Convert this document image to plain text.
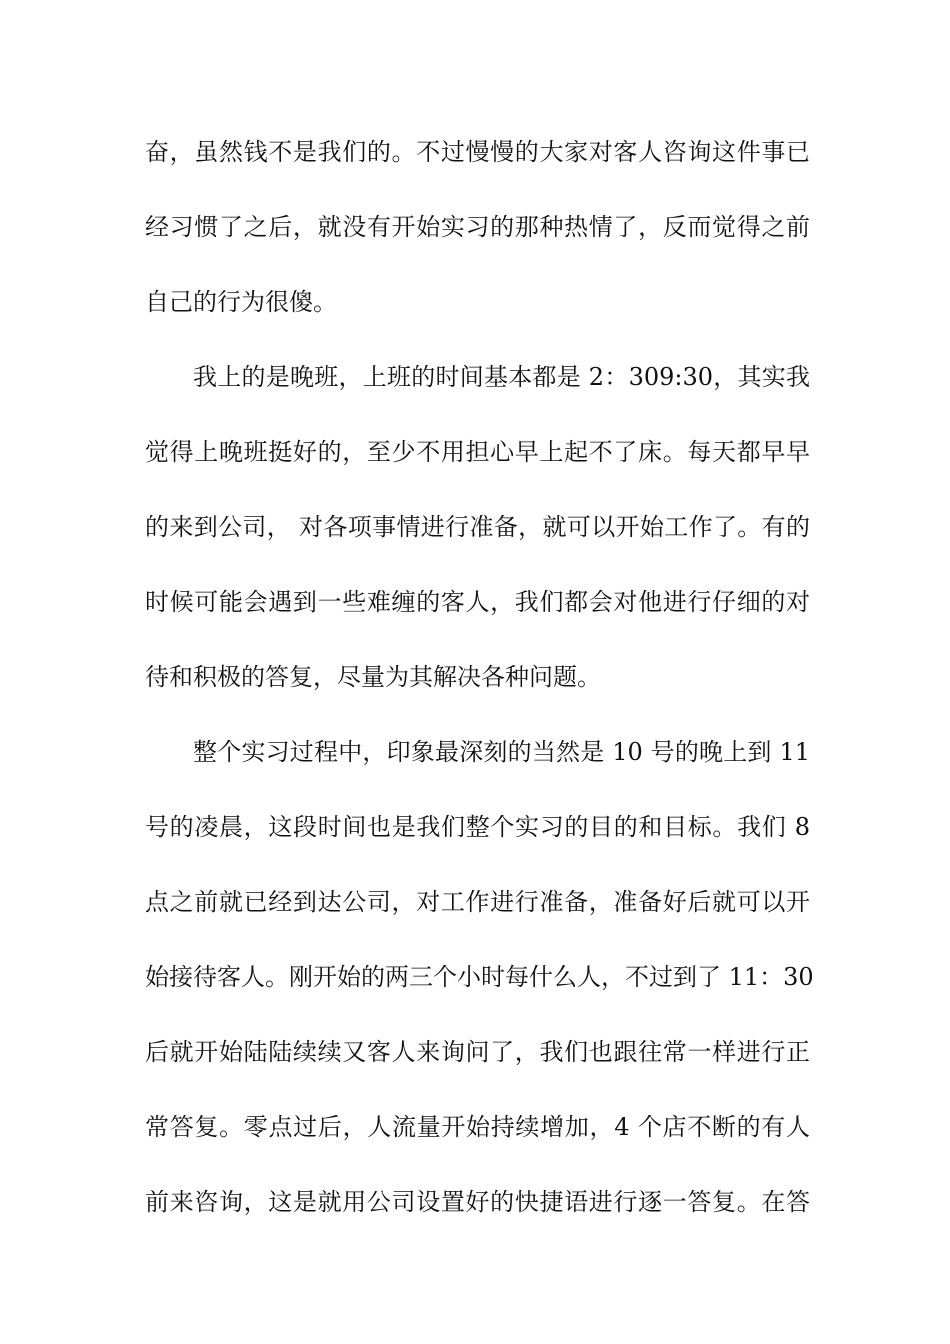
奋，虽然钱不是我们的。不过慢慢的大家对客人咨询这件事已
经习惯了之后，就没有开始实习的那种热情了，反而觉得之前
自己的行为很傻。
我上的是晚班，上班的时间基本都是 2：309:30，其实我
觉得上晚班挺好的，至少不用担心早上起不了床。每天都早早
的来到公司， 对各项事情进行准备，就可以开始工作了。有的
时候可能会遇到一些难缠的客人，我们都会对他进行仔细的对
待和积极的答复，尽量为其解决各种问题。
整个实习过程中，印象最深刻的当然是 10 号的晚上到 11
号的凌晨，这段时间也是我们整个实习的目的和目标。我们 8
点之前就已经到达公司，对工作进行准备，准备好后就可以开
始接待客人。刚开始的两三个小时每什么人，不过到了 11：30
后就开始陆陆续续又客人来询问了，我们也跟往常一样进行正
常答复。零点过后，人流量开始持续增加，4 个店不断的有人
前来咨询，这是就用公司设置好的快捷语进行逐一答复。在答
